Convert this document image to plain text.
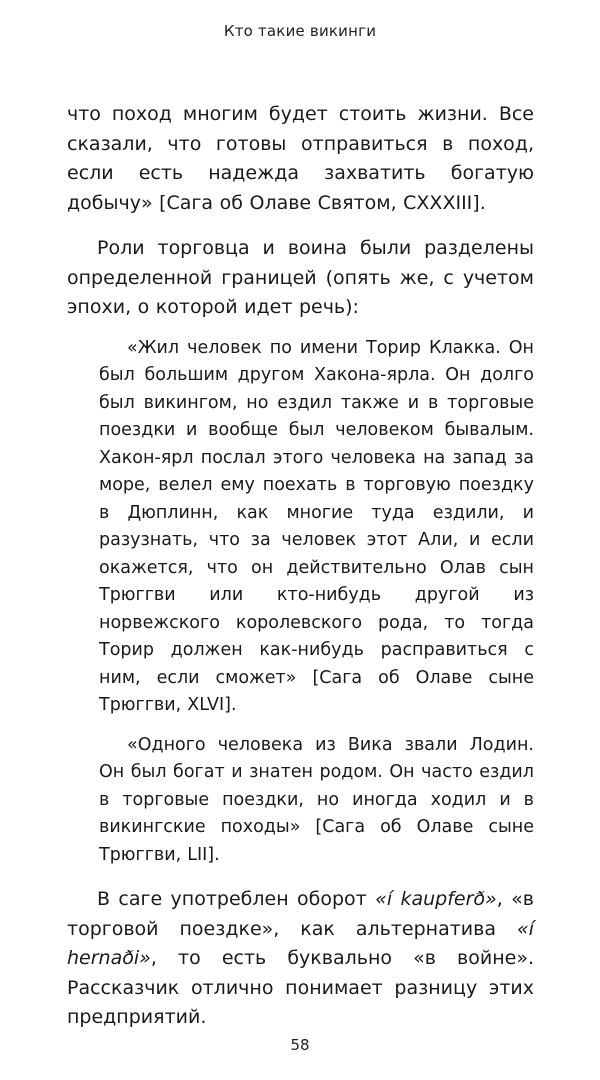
Кто такие викинги

что поход многим будет стоить жизни. Все сказали, что готовы отправиться в поход, если есть надежда захватить богатую добычу» [Сага об Олаве Святом, CXXXIII].

Роли торговца и воина были разделены определенной границей (опять же, с учетом эпохи, о которой идет речь):

«Жил человек по имени Торир Клакка. Он был большим другом Хакона-ярла. Он долго был викингом, но ездил также и в торговые поездки и вообще был человеком бывалым. Хакон-ярл послал этого человека на запад за море, велел ему поехать в торговую поездку в Дюплинн, как многие туда ездили, и разузнать, что за человек этот Али, и если окажется, что он действительно Олав сын Трюггви или кто-нибудь другой из норвежского королевского рода, то тогда Торир должен как-нибудь расправиться с ним, если сможет» [Сага об Олаве сыне Трюггви, XLVI].

«Одного человека из Вика звали Лодин. Он был богат и знатен родом. Он часто ездил в торговые поездки, но иногда ходил и в викингские походы» [Сага об Олаве сыне Трюггви, LII].

В саге употреблен оборот «í kaupferð», «в торговой поездке», как альтернатива «í hernaði», то есть буквально «в войне». Рассказчик отлично понимает разницу этих предприятий.

58
